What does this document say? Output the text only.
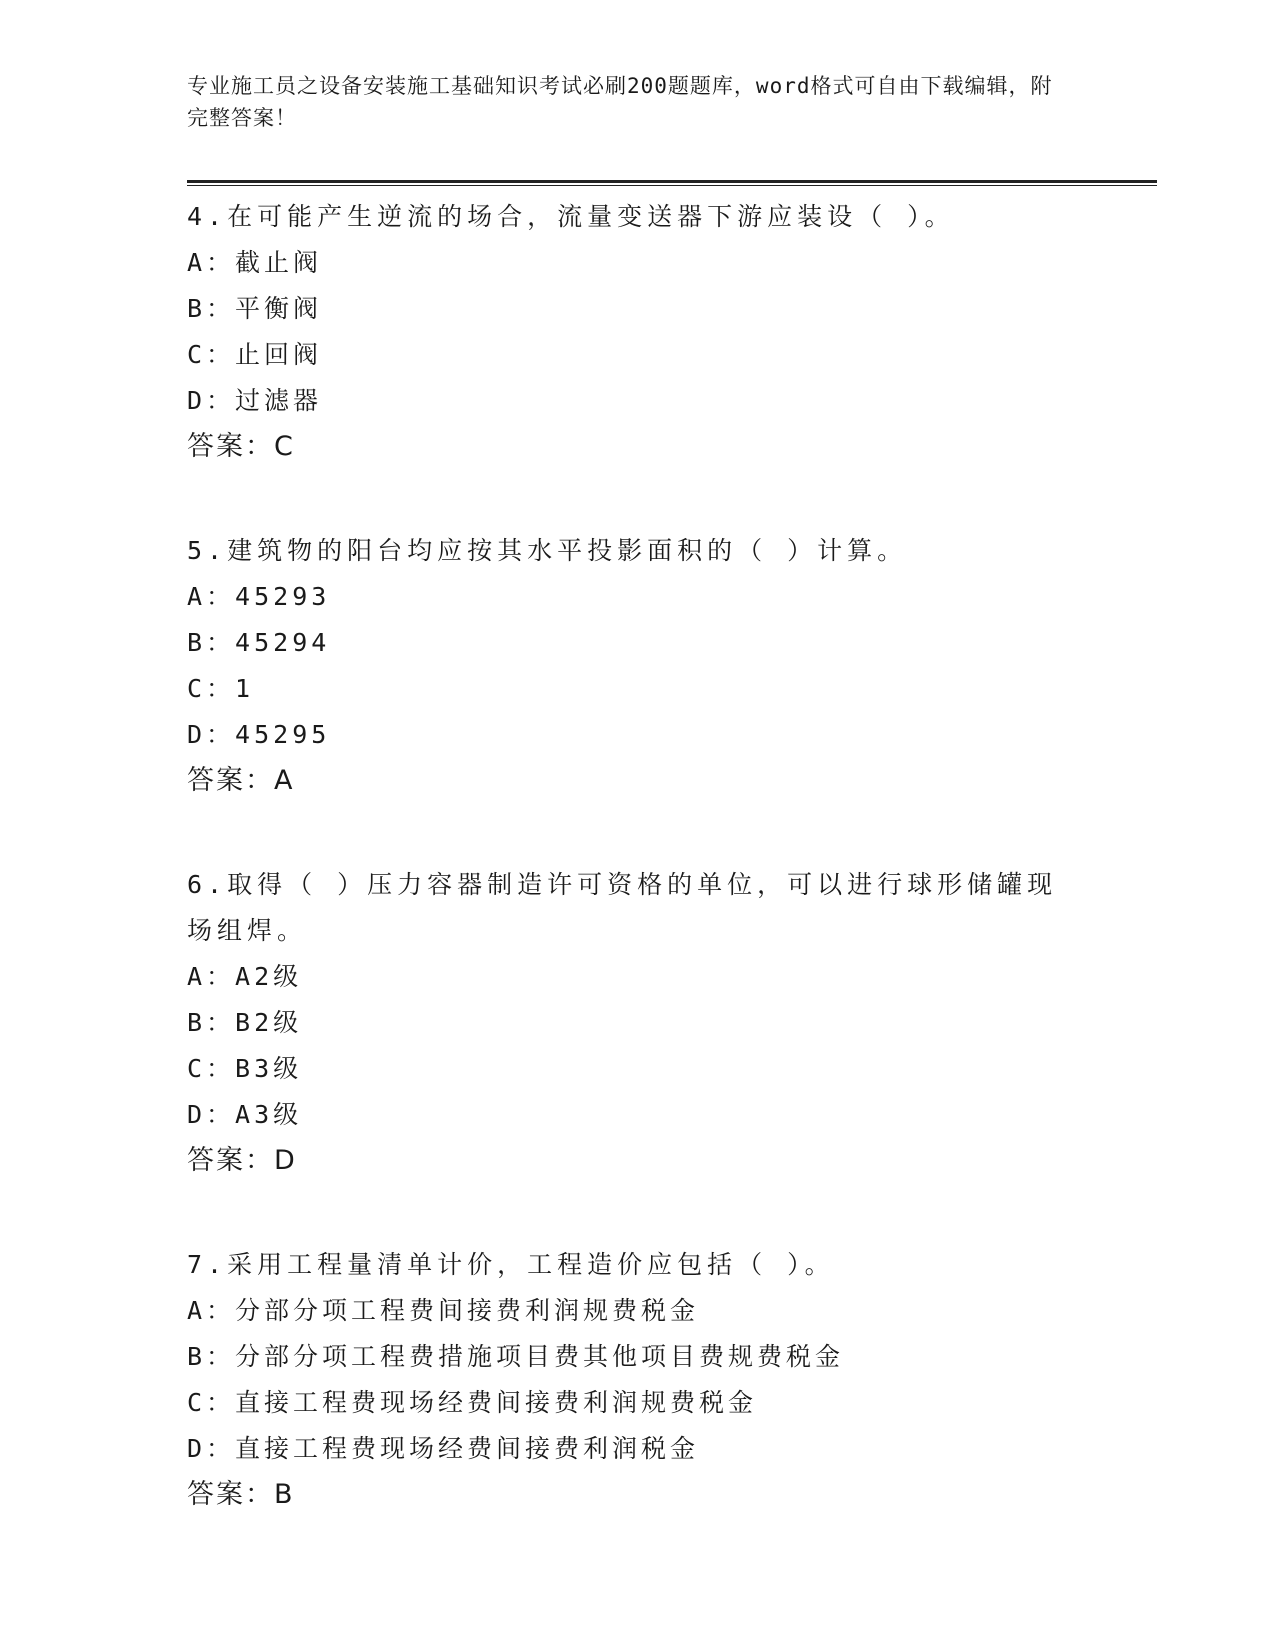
专业施工员之设备安装施工基础知识考试必刷200题题库，word格式可自由下载编辑，附完整答案！

4.在可能产生逆流的场合，流量变送器下游应装设（ ）。

A：截止阀

B：平衡阀

C：止回阀

D：过滤器

答案：C

5.建筑物的阳台均应按其水平投影面积的（ ）计算。

A：45293

B：45294

C：1

D：45295

答案：A

6.取得（ ）压力容器制造许可资格的单位，可以进行球形储罐现场组焊。

A：A2级

B：B2级

C：B3级

D：A3级

答案：D

7.采用工程量清单计价，工程造价应包括（ ）。

A：分部分项工程费间接费利润规费税金

B：分部分项工程费措施项目费其他项目费规费税金

C：直接工程费现场经费间接费利润规费税金

D：直接工程费现场经费间接费利润税金

答案：B
